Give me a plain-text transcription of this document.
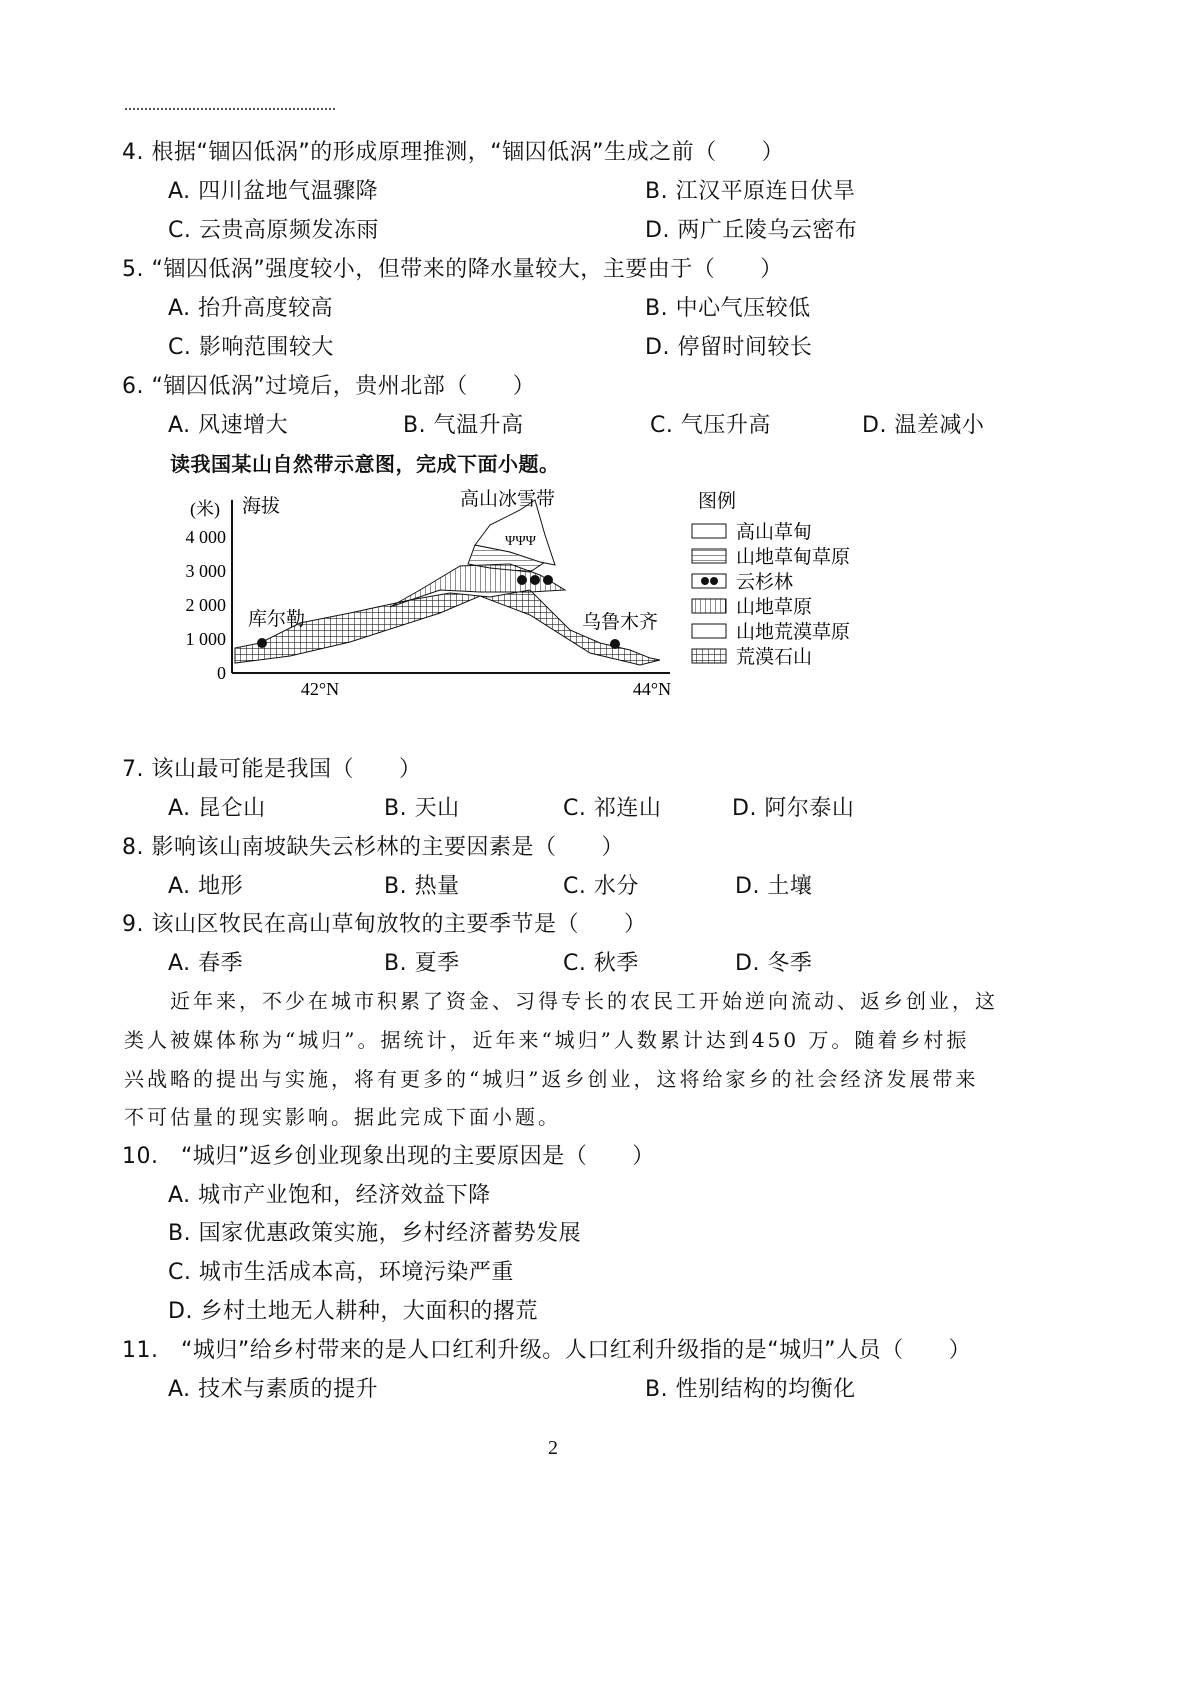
4. 根据“锢囚低涡”的形成原理推测，“锢囚低涡”生成之前（　　）
A. 四川盆地气温骤降	B. 江汉平原连日伏旱
C. 云贵高原频发冻雨	D. 两广丘陵乌云密布
5. “锢囚低涡”强度较小，但带来的降水量较大，主要由于（　　）
A. 抬升高度较高	B. 中心气压较低
C. 影响范围较大	D. 停留时间较长
6. “锢囚低涡”过境后，贵州北部（　　）
A. 风速增大	B. 气温升高	C. 气压升高	D. 温差减小
读我国某山自然带示意图，完成下面小题。
(米) 海拔
4 000
3 000
2 000
1 000
0
42°N	44°N
ΨΨΨ
高山冰雪带
库尔勒	乌鲁木齐
图例
高山草甸
山地草甸草原
云杉林
山地草原
山地荒漠草原
荒漠石山
7. 该山最可能是我国（　　）
A. 昆仑山	B. 天山	C. 祁连山	D. 阿尔泰山
8. 影响该山南坡缺失云杉林的主要因素是（　　）
A. 地形	B. 热量	C. 水分	D. 土壤
9. 该山区牧民在高山草甸放牧的主要季节是（　　）
A. 春季	B. 夏季	C. 秋季	D. 冬季
近年来，不少在城市积累了资金、习得专长的农民工开始逆向流动、返乡创业，这
类人被媒体称为“城归”。据统计，近年来“城归”人数累计达到450 万。随着乡村振
兴战略的提出与实施，将有更多的“城归”返乡创业，这将给家乡的社会经济发展带来
不可估量的现实影响。据此完成下面小题。
10.　“城归”返乡创业现象出现的主要原因是（　　）
A. 城市产业饱和，经济效益下降
B. 国家优惠政策实施，乡村经济蓄势发展
C. 城市生活成本高，环境污染严重
D. 乡村土地无人耕种，大面积的撂荒
11.　“城归”给乡村带来的是人口红利升级。人口红利升级指的是“城归”人员（　　）
A. 技术与素质的提升	B. 性别结构的均衡化
2
